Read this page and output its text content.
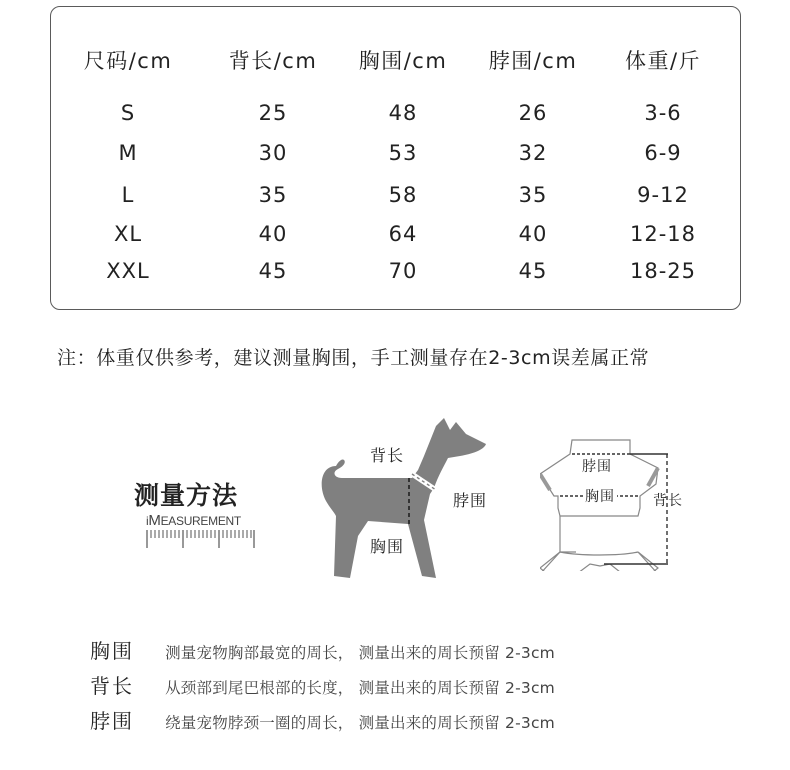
尺码/cm	背长/cm	胸围/cm	脖围/cm	体重/斤
S	25	48	26	3-6
M	30	53	32	6-9
L	35	58	35	9-12
XL	40	64	40	12-18
XXL	45	70	45	18-25
注：体重仅供参考，建议测量胸围，手工测量存在2-3cm误差属正常
测量方法
iMEASUREMENT
背长
脖围
胸围
脖围
胸围	背长
胸围 测量宠物胸部最宽的周长， 测量出来的周长预留 2-3cm
背长 从颈部到尾巴根部的长度， 测量出来的周长预留 2-3cm
脖围 绕量宠物脖颈一圈的周长， 测量出来的周长预留 2-3cm
